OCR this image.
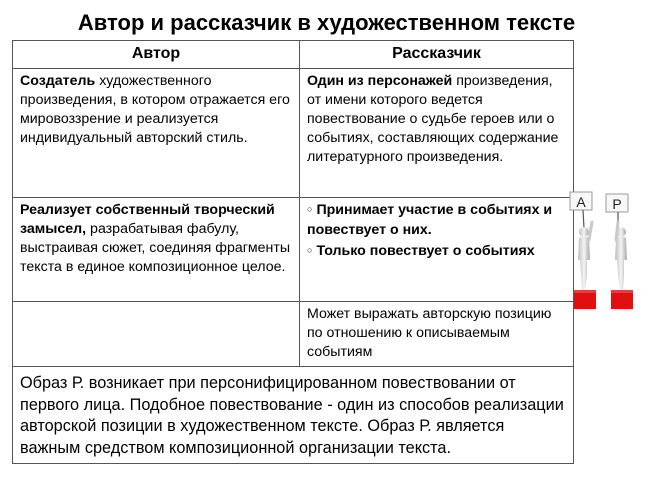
Автор и рассказчик в художественном тексте
Автор	Рассказчик
Создатель художественного произведения, в котором отражается его мировоззрение и реализуется индивидуальный авторский стиль.	Один из персонажей произведения, от имени которого ведется повествование о судьбе героев или о событиях, составляющих содержание литературного произведения.
Реализует собственный творческий замысел, разрабатывая фабулу, выстраивая сюжет, соединяя фрагменты текста в единое композиционное целое.	○ Принимает участие в событиях и повествует о них.
○ Только повествует о событиях

	Может выражать авторскую позицию по отношению к описываемым событиям
Образ Р. возникает при персонифицированном повествовании от первого лица. Подобное повествование - один из способов реализации авторской позиции в художественном тексте. Образ Р. является важным средством композиционной организации текста.	
А Р
